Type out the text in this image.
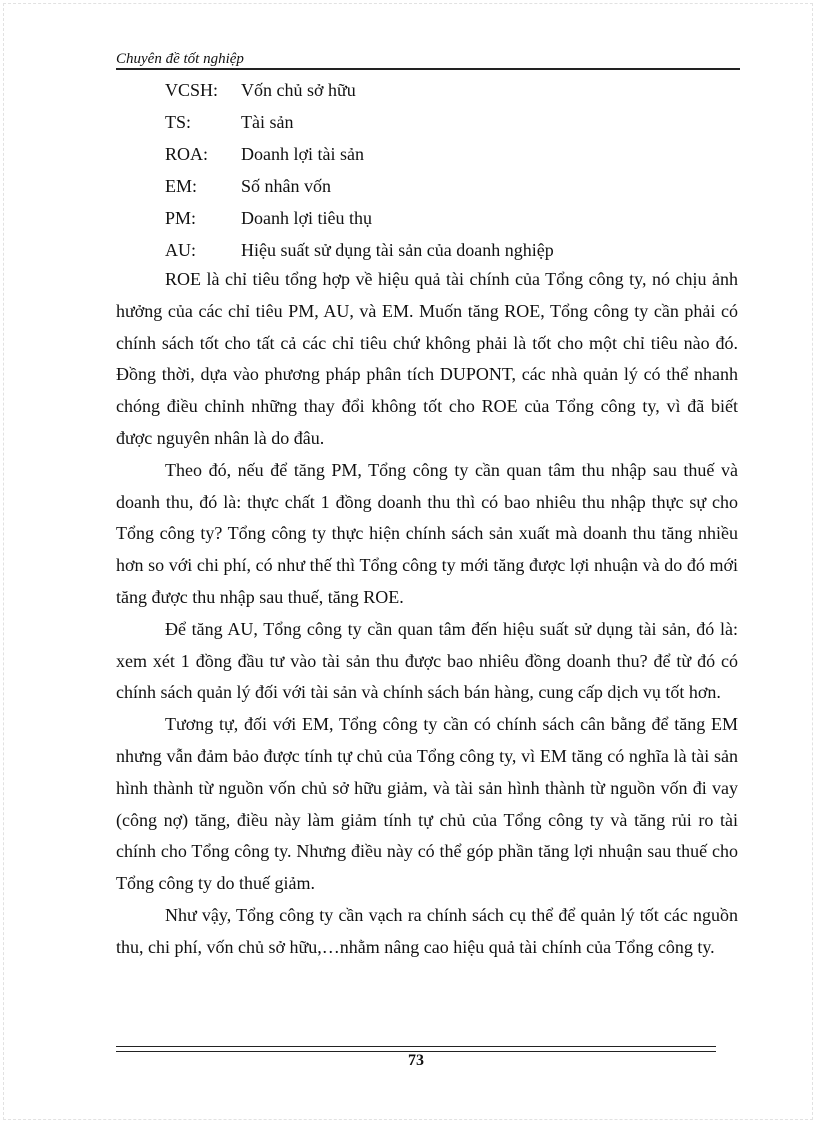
Chuyên đề tốt nghiệp
VCSH:	Vốn chủ sở hữu
TS:	Tài sản
ROA:	Doanh lợi tài sản
EM:	Số nhân vốn
PM:	Doanh lợi tiêu thụ
AU:	Hiệu suất sử dụng tài sản của doanh nghiệp

ROE là chỉ tiêu tổng hợp về hiệu quả tài chính của Tổng công ty, nó chịu ảnh hưởng của các chỉ tiêu PM, AU, và EM. Muốn tăng ROE, Tổng công ty cần phải có chính sách tốt cho tất cả các chỉ tiêu chứ không phải là tốt cho một chỉ tiêu nào đó. Đồng thời, dựa vào phương pháp phân tích DUPONT, các nhà quản lý có thể nhanh chóng điều chỉnh những thay đổi không tốt cho ROE của Tổng công ty, vì đã biết được nguyên nhân là do đâu.

Theo đó, nếu để tăng PM, Tổng công ty cần quan tâm thu nhập sau thuế và doanh thu, đó là: thực chất 1 đồng doanh thu thì có bao nhiêu thu nhập thực sự cho Tổng công ty? Tổng công ty thực hiện chính sách sản xuất mà doanh thu tăng nhiều hơn so với chi phí, có như thế thì Tổng công ty mới tăng được lợi nhuận và do đó mới tăng được thu nhập sau thuế, tăng ROE.

Để tăng AU, Tổng công ty cần quan tâm đến hiệu suất sử dụng tài sản, đó là: xem xét 1 đồng đầu tư vào tài sản thu được bao nhiêu đồng doanh thu? để từ đó có chính sách quản lý đối với tài sản và chính sách bán hàng, cung cấp dịch vụ tốt hơn.

Tương tự, đối với EM, Tổng công ty cần có chính sách cân bằng để tăng EM nhưng vẫn đảm bảo được tính tự chủ của Tổng công ty, vì EM tăng có nghĩa là tài sản hình thành từ nguồn vốn chủ sở hữu giảm, và tài sản hình thành từ nguồn vốn đi vay (công nợ) tăng, điều này làm giảm tính tự chủ của Tổng công ty và tăng rủi ro tài chính cho Tổng công ty. Nhưng điều này có thể góp phần tăng lợi nhuận sau thuế cho Tổng công ty do thuế giảm.

Như vậy, Tổng công ty cần vạch ra chính sách cụ thể để quản lý tốt các nguồn thu, chi phí, vốn chủ sở hữu,…nhằm nâng cao hiệu quả tài chính của Tổng công ty.

73
